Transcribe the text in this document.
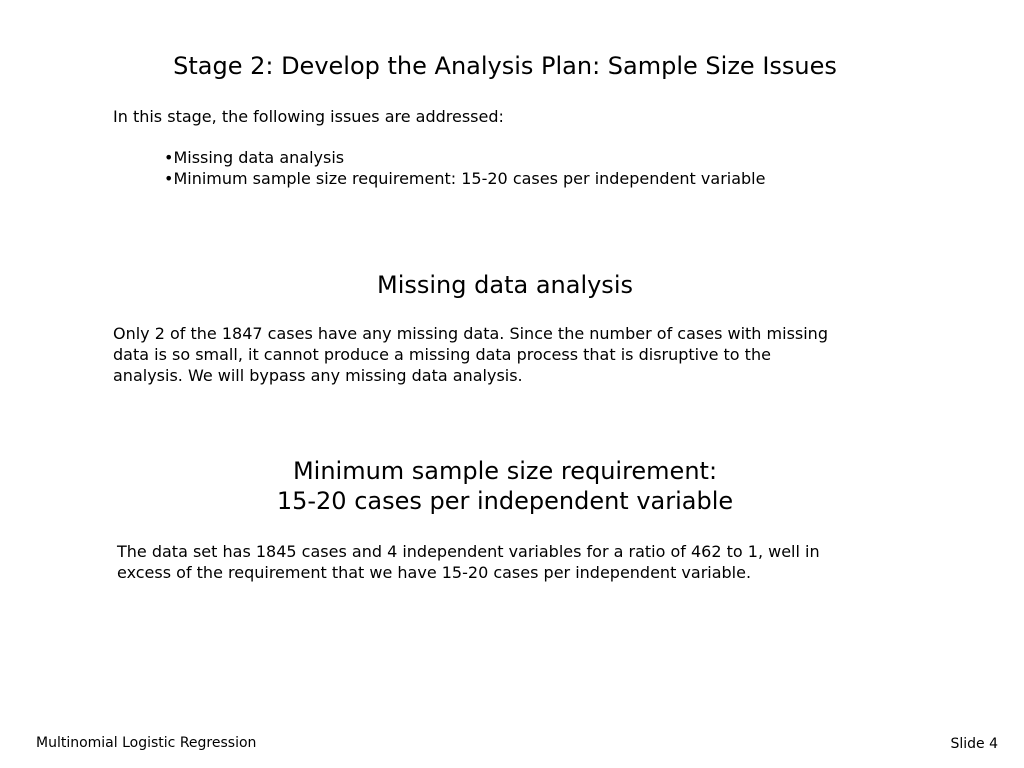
Stage 2: Develop the Analysis Plan: Sample Size Issues

In this stage, the following issues are addressed:

•Missing data analysis
•Minimum sample size requirement: 15-20 cases per independent variable
Missing data analysis

Only 2 of the 1847 cases have any missing data. Since the number of cases with missing
data is so small, it cannot produce a missing data process that is disruptive to the
analysis. We will bypass any missing data analysis.

Minimum sample size requirement:
15-20 cases per independent variable

The data set has 1845 cases and 4 independent variables for a ratio of 462 to 1, well in
excess of the requirement that we have 15-20 cases per independent variable.

Multinomial Logistic Regression	Slide 4
